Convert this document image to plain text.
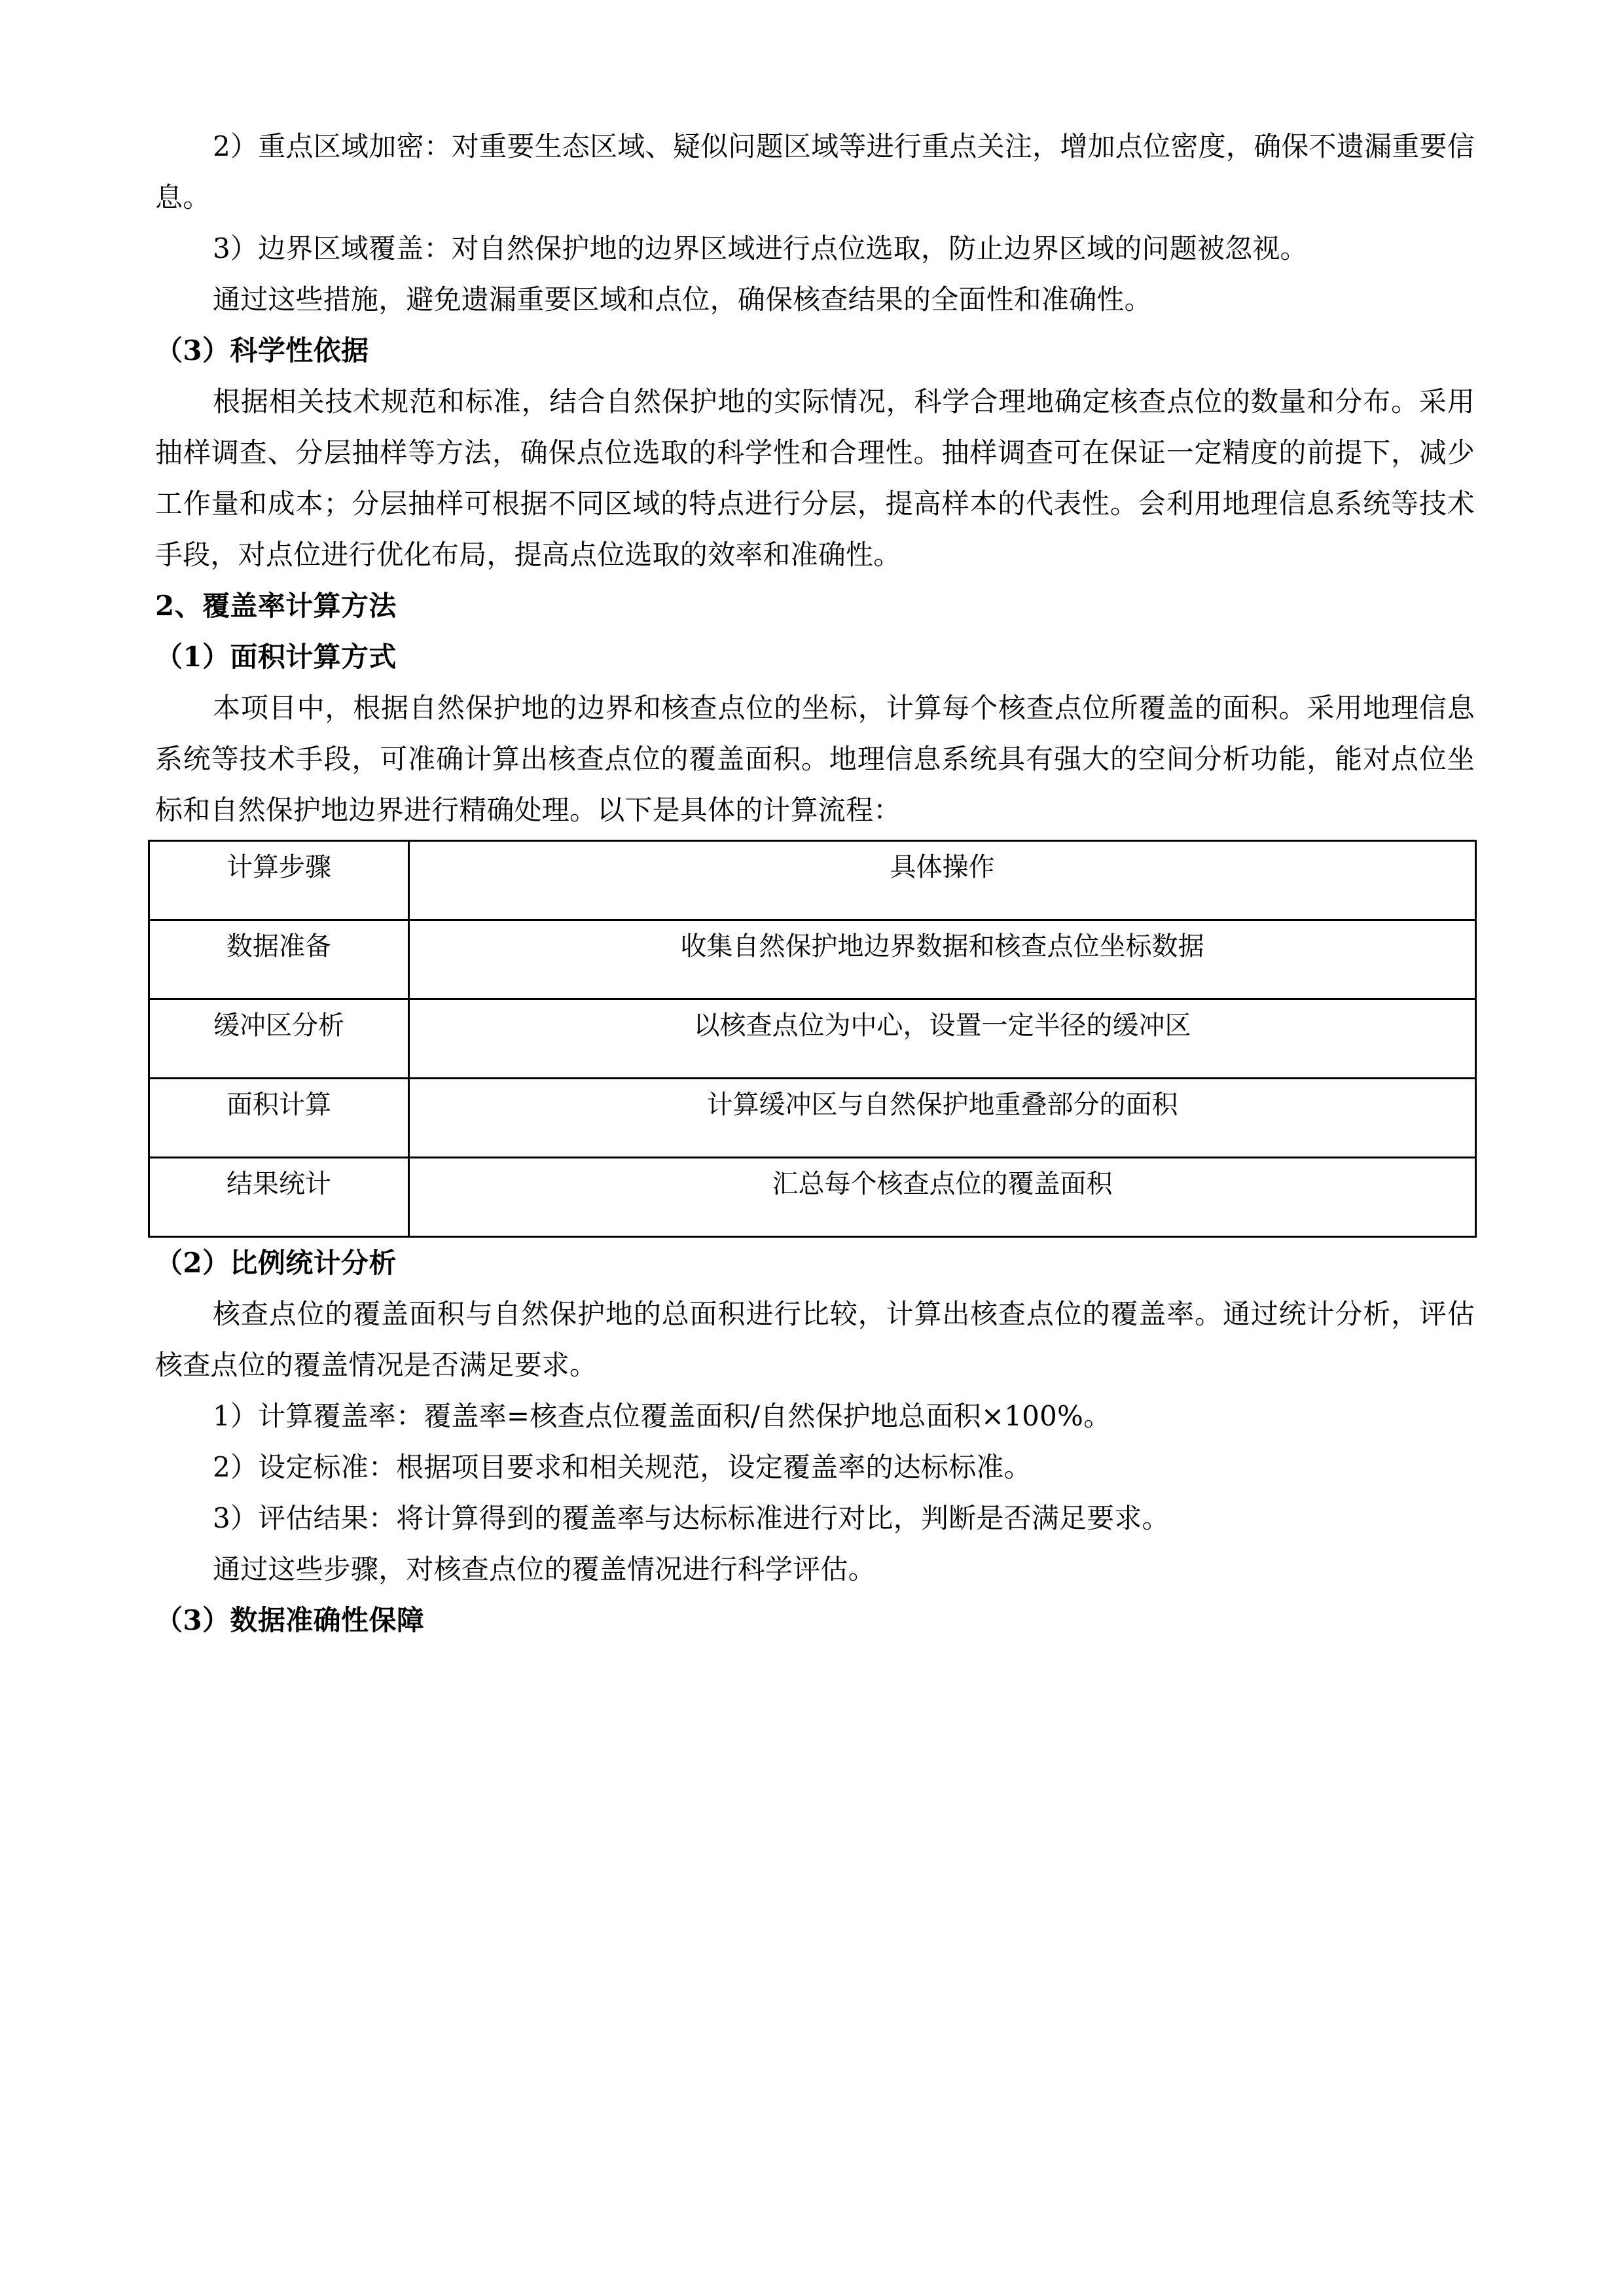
2）重点区域加密：对重要生态区域、疑似问题区域等进行重点关注，增加点位密度，确保不遗漏重要信息。

3）边界区域覆盖：对自然保护地的边界区域进行点位选取，防止边界区域的问题被忽视。

通过这些措施，避免遗漏重要区域和点位，确保核查结果的全面性和准确性。

（3）科学性依据

根据相关技术规范和标准，结合自然保护地的实际情况，科学合理地确定核查点位的数量和分布。采用抽样调查、分层抽样等方法，确保点位选取的科学性和合理性。抽样调查可在保证一定精度的前提下，减少工作量和成本；分层抽样可根据不同区域的特点进行分层，提高样本的代表性。会利用地理信息系统等技术手段，对点位进行优化布局，提高点位选取的效率和准确性。

2、覆盖率计算方法
（1）面积计算方式

本项目中，根据自然保护地的边界和核查点位的坐标，计算每个核查点位所覆盖的面积。采用地理信息系统等技术手段，可准确计算出核查点位的覆盖面积。地理信息系统具有强大的空间分析功能，能对点位坐标和自然保护地边界进行精确处理。以下是具体的计算流程：

计算步骤	具体操作
数据准备	收集自然保护地边界数据和核查点位坐标数据
缓冲区分析	以核查点位为中心，设置一定半径的缓冲区
面积计算	计算缓冲区与自然保护地重叠部分的面积
结果统计	汇总每个核查点位的覆盖面积
（2）比例统计分析

核查点位的覆盖面积与自然保护地的总面积进行比较，计算出核查点位的覆盖率。通过统计分析，评估核查点位的覆盖情况是否满足要求。

1）计算覆盖率：覆盖率=核查点位覆盖面积/自然保护地总面积×100%。

2）设定标准：根据项目要求和相关规范，设定覆盖率的达标标准。

3）评估结果：将计算得到的覆盖率与达标标准进行对比，判断是否满足要求。

通过这些步骤，对核查点位的覆盖情况进行科学评估。

（3）数据准确性保障
